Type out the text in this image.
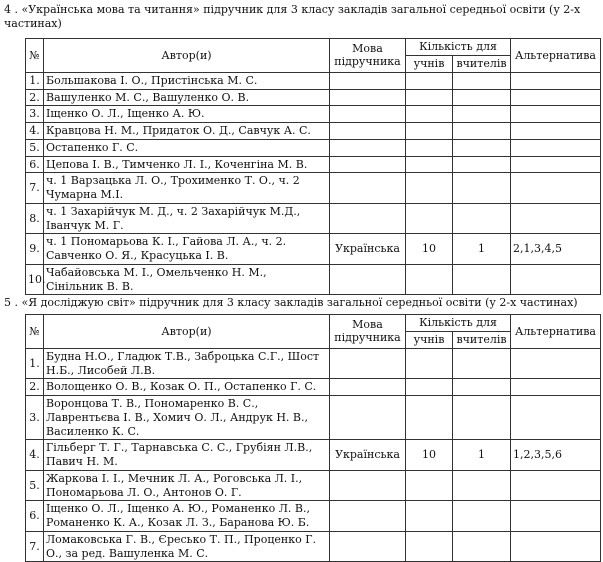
4 . «Українська мова та читання» підручник для 3 класу закладів загальної середньої освіти (у 2-х частинах)
№	Автор(и)	Мова підручника	Кількість для		Альтернатива
			учнів	вчителів	
1.	Большакова І. О., Пристінська М. С.				
2.	Вашуленко М. С., Вашуленко О. В.				
3.	Іщенко О. Л., Іщенко А. Ю.				
4.	Кравцова Н. М., Придаток О. Д., Савчук А. С.				
5.	Остапенко Г. С.				
6.	Цепова І. В., Тимченко Л. І., Коченгіна М. В.				
7.	ч. 1 Варзацька Л. О., Трохименко Т. О., ч. 2 Чумарна М.І.				
8.	ч. 1 Захарійчук М. Д., ч. 2 Захарійчук М.Д., Іванчук М. Г.				
9.	ч. 1 Пономарьова К. І., Гайова Л. А., ч. 2. Савченко О. Я., Красуцька І. В.	Українська	10	1	2,1,3,4,5
10.	Чабайовська М. І., Омельченко Н. М., Сінільник В. В.				
5 . «Я досліджую світ» підручник для 3 класу закладів загальної середньої освіти (у 2-х частинах)
№	Автор(и)	Мова підручника	Кількість для		Альтернатива
			учнів	вчителів	
1.	Будна Н.О., Гладюк Т.В., Заброцька С.Г., Шост Н.Б., Лисобей Л.В.				
2.	Волощенко О. В., Козак О. П., Остапенко Г. С.				
3.	Воронцова Т. В., Пономаренко В. С., Лаврентьєва І. В., Хомич О. Л., Андрук Н. В., Василенко К. С.				
4.	Гільберг Т. Г., Тарнавська С. С., Грубіян Л.В., Павич Н. М.	Українська	10	1	1,2,3,5,6
5.	Жаркова І. І., Мечник Л. А., Роговська Л. І., Пономарьова Л. О., Антонов О. Г.				
6.	Іщенко О. Л., Іщенко А. Ю., Романенко Л. В., Романенко К. А., Козак Л. З., Баранова Ю. Б.				
7.	Ломаковська Г. В., Єресько Т. П., Проценко Г. О., за ред. Вашуленка М. С.				
